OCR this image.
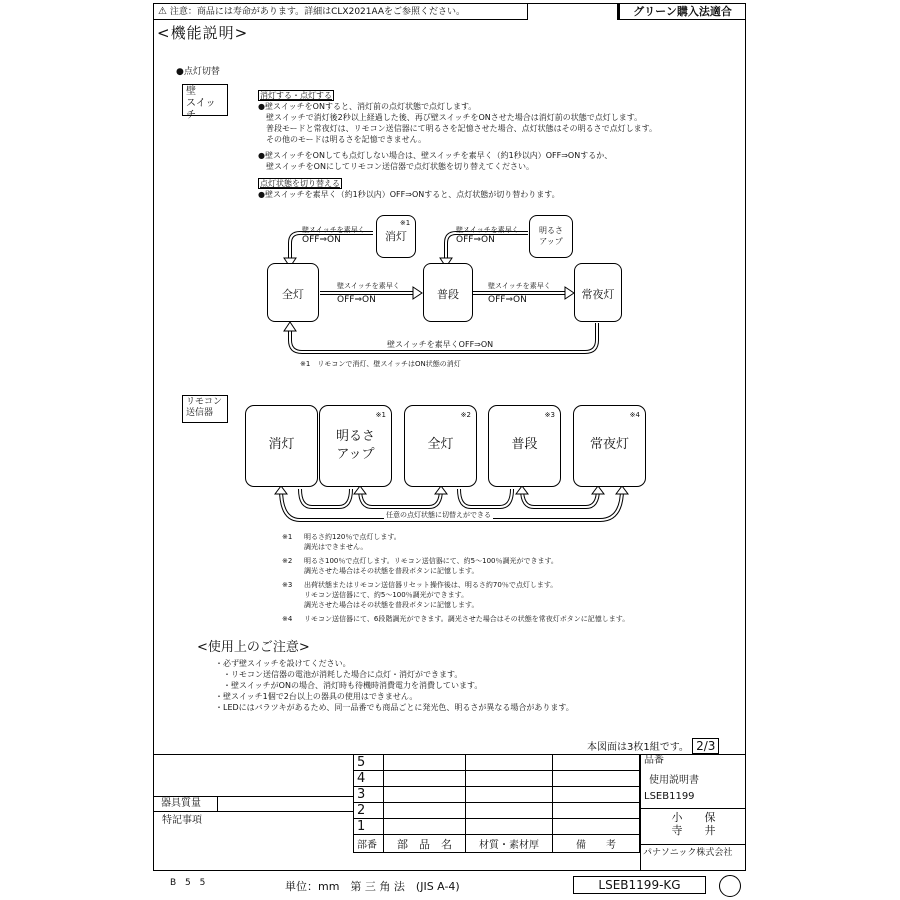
⚠ 注意：商品には寿命があります。詳細はCLX2021AAをご参照ください。	グリーン購入法適合
<機能説明>
●点灯切替
壁
スイッチ
消灯する・点灯する
●壁スイッチをONすると、消灯前の点灯状態で点灯します。
　壁スイッチで消灯後2秒以上経過した後、再び壁スイッチをONさせた場合は消灯前の状態で点灯します。
　普段モードと常夜灯は、リモコン送信器にて明るさを記憶させた場合、点灯状態はその明るさで点灯します。
　その他のモードは明るさを記憶できません。
●壁スイッチをONしても点灯しない場合は、壁スイッチを素早く（約1秒以内）OFF⇒ONするか、
　壁スイッチをONにしてリモコン送信器で点灯状態を切り替えてください。
点灯状態を切り替える
●壁スイッチを素早く（約1秒以内）OFF⇒ONすると、点灯状態が切り替わります。
※1
消灯	明るさ
アップ
全灯	普段	常夜灯
壁スイッチを素早く
OFF⇒ON
壁スイッチを素早く
OFF⇒ON
壁スイッチを素早く
OFF⇒ON
壁スイッチを素早く
OFF⇒ON
壁スイッチを素早くOFF⇒ON
※1　リモコンで消灯、壁スイッチはON状態の消灯
リモコン
送信器
消灯
※1
明るさ
アップ
※2
全灯
※3
普段
※4
常夜灯
任意の点灯状態に切替えができる
※1	明るさ約120％で点灯します。
調光はできません。
※2	明るさ100％で点灯します。リモコン送信器にて、約5～100％調光ができます。
調光させた場合はその状態を普段ボタンに記憶します。
※3	出荷状態またはリモコン送信器リセット操作後は、明るさ約70％で点灯します。
リモコン送信器にて、約5～100％調光ができます。
調光させた場合はその状態を普段ボタンに記憶します。
※4	リモコン送信器にて、6段階調光ができます。調光させた場合はその状態を常夜灯ボタンに記憶します。
<使用上のご注意>
・必ず壁スイッチを設けてください。
　・リモコン送信器の電池が消耗した場合に点灯・消灯ができます。
　・壁スイッチがONの場合、消灯時も待機時消費電力を消費しています。
・壁スイッチ1個で2台以上の器具の使用はできません。
・LEDにはバラツキがあるため、同一品番でも商品ごとに発光色、明るさが異なる場合があります。
本図面は3枚1組です。 2/3
5			
4			
3			
2			
1			
部番	部　品　名	材質・素材厚	備　　考
品番
使用説明書
LSEB1199
小　　保
寺　　井
パナソニック株式会社
器具質量
特記事項
B 5 5	単位：mm　第 三 角 法　(JIS A-4)	LSEB1199-KG
